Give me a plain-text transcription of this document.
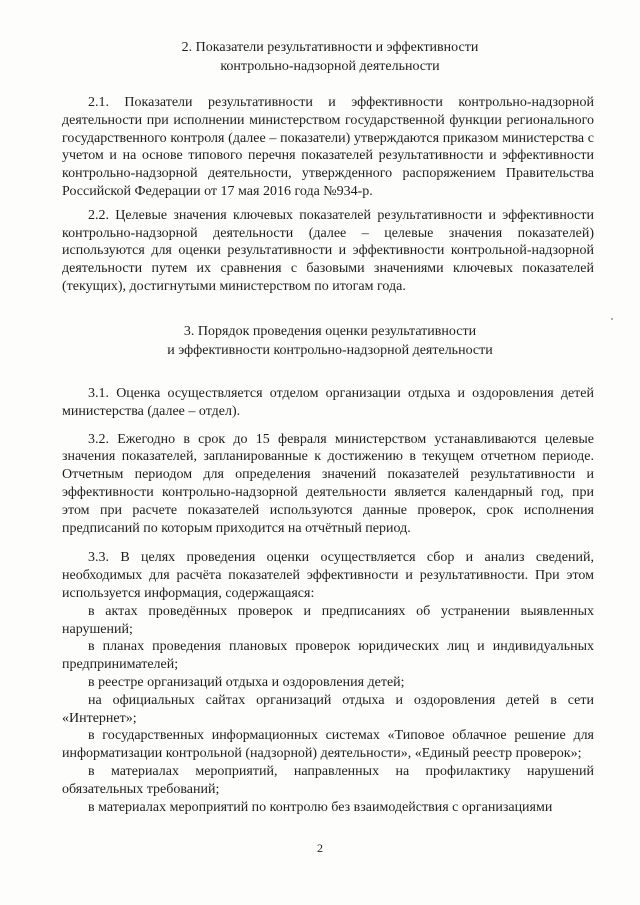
2. Показатели результативности и эффективности
контрольно-надзорной деятельности

2.1. Показатели результативности и эффективности контрольно-надзорной деятельности при исполнении министерством государственной функции регионального государственного контроля (далее – показатели) утверждаются приказом министерства с учетом и на основе типового перечня показателей результативности и эффективности контрольно-надзорной деятельности, утвержденного распоряжением Правительства Российской Федерации от 17 мая 2016 года №934-р.

2.2. Целевые значения ключевых показателей результативности и эффективности контрольно-надзорной деятельности (далее – целевые значения показателей) используются для оценки результативности и эффективности контрольной-надзорной деятельности путем их сравнения с базовыми значениями ключевых показателей (текущих), достигнутыми министерством по итогам года.

3. Порядок проведения оценки результативности
и эффективности контрольно-надзорной деятельности

3.1. Оценка осуществляется отделом организации отдыха и оздоровления детей министерства (далее – отдел).

3.2. Ежегодно в срок до 15 февраля министерством устанавливаются целевые значения показателей, запланированные к достижению в текущем отчетном периоде. Отчетным периодом для определения значений показателей результативности и эффективности контрольно-надзорной деятельности является календарный год, при этом при расчете показателей используются данные проверок, срок исполнения предписаний по которым приходится на отчётный период.

3.3. В целях проведения оценки осуществляется сбор и анализ сведений, необходимых для расчёта показателей эффективности и результативности. При этом используется информация, содержащаяся:

в актах проведённых проверок и предписаниях об устранении выявленных нарушений;

в планах проведения плановых проверок юридических лиц и индивидуальных предпринимателей;

в реестре организаций отдыха и оздоровления детей;

на официальных сайтах организаций отдыха и оздоровления детей в сети «Интернет»;

в государственных информационных системах «Типовое облачное решение для информатизации контрольной (надзорной) деятельности», «Единый реестр проверок»;

в материалах мероприятий, направленных на профилактику нарушений обязательных требований;

в материалах мероприятий по контролю без взаимодействия с организациями

2
